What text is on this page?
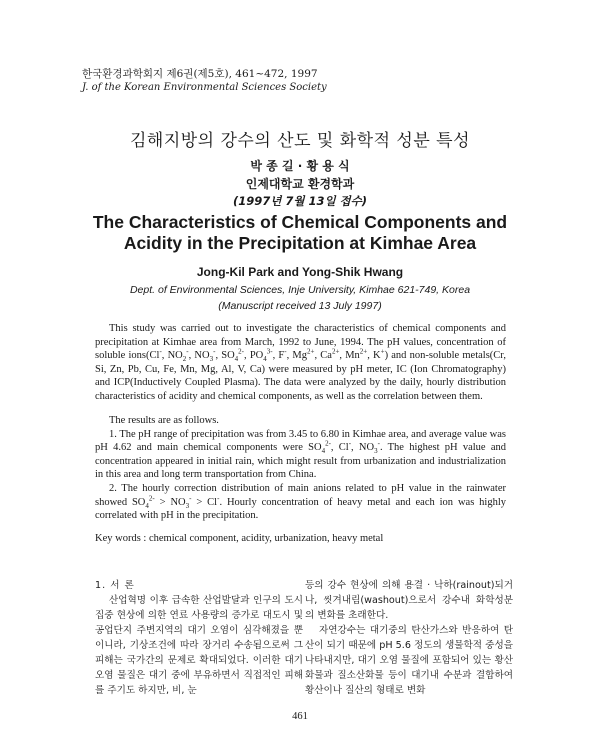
한국환경과학회지 제6권(제5호), 461~472, 1997
J. of the Korean Environmental Sciences Society
김해지방의 강수의 산도 및 화학적 성분 특성
박 종 길 · 황 용 식
인제대학교 환경학과
(1997년 7월 13일 접수)
The Characteristics of Chemical Components and
Acidity in the Precipitation at Kimhae Area
Jong-Kil Park and Yong-Shik Hwang
Dept. of Environmental Sciences, Inje University, Kimhae 621-749, Korea
(Manuscript received 13 July 1997)

This study was carried out to investigate the characteristics of chemical components and precipitation at Kimhae area from March, 1992 to June, 1994. The pH values, concentration of soluble ions(Cl-, $NO_2^-$, $NO_3^-$, $SO_4^{2-}$, $PO_4^{3-}$, F-, $Mg^{2+}$, $Ca^{2+}$, $Mn^{2+}$, K+) and non-soluble metals(Cr, Si, Zn, Pb, Cu, Fe, Mn, Mg, Al, V, Ca) were measured by pH meter, IC (Ion Chromatography) and ICP(Inductively Coupled Plasma). The data were analyzed by the daily, hourly distribution characteristics of acidity and chemical components, as well as the correlation between them.

The results are as follows.

1. The pH range of precipitation was from 3.45 to 6.80 in Kimhae area, and average value was pH 4.62 and main chemical components were $SO_4^{2-}$, Cl-, $NO_3^-$. The highest pH value and concentration appeared in initial rain, which might result from urbanization and industrialization in this area and long term transportation from China.

2. The hourly correction distribution of main anions related to pH value in the rainwater showed $SO_4^{2-} > NO_3^- > Cl^-$. Hourly concentration of heavy metal and each ion was highly correlated with pH in the precipitation.

Key words : chemical component, acidity, urbanization, heavy metal

1. 서 론

산업혁명 이후 급속한 산업발달과 인구의 도시집중 현상에 의한 연료 사용량의 증가로 대도시 및 공업단지 주변지역의 대기 오염이 심각해졌을 뿐이니라, 기상조건에 따라 장거리 수송됨으로써 그 피해는 국가간의 문제로 확대되었다. 이러한 대기 오염 물질은 대기 중에 부유하면서 직접적인 피해를 주기도 하지만, 비, 눈

등의 강수 현상에 의해 용결 · 낙하(rainout)되거나, 씻겨내림(washout)으로서 강수내 화학성분의 변화를 초래한다.

자연강수는 대기중의 탄산가스와 반응하여 탄산이 되기 때문에 pH 5.6 정도의 생물학적 중성을 나타내지만, 대기 오염 물질에 포함되어 있는 황산화물과 질소산화물 등이 대기내 수분과 결합하여 황산이나 질산의 형태로 변화

461
